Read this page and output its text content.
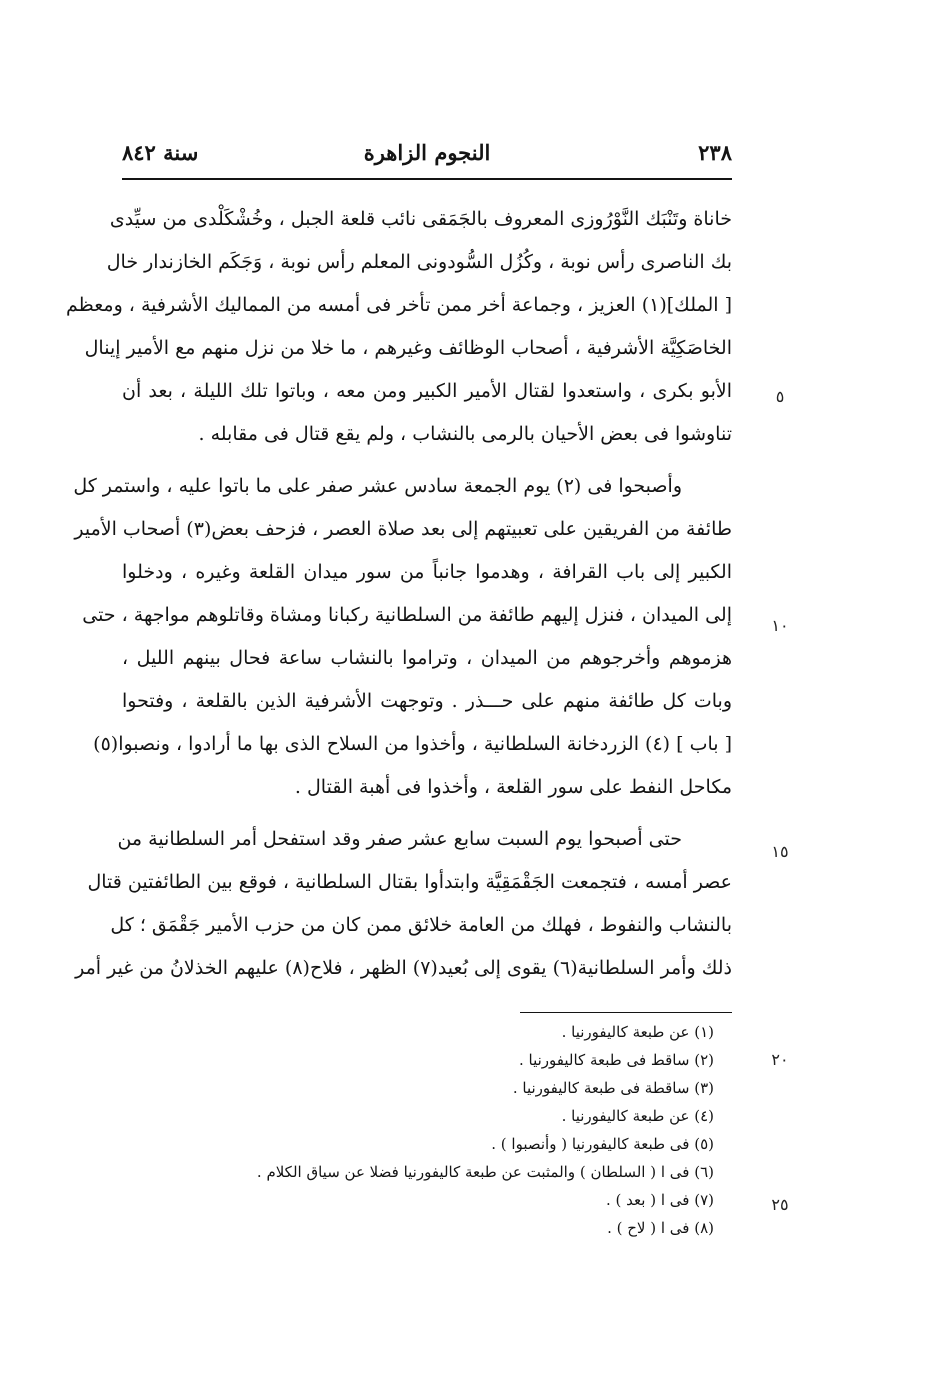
٢٣٨
النجوم الزاهرة
سنة ٨٤٢
٥
١٠
١٥
٢٠
٢٥
خاناة وتَنْبَك النَّوْرُوزى المعروف بالجَمَقى نائب قلعة الجبل ، وخُشْكَلْدى من سيِّدى
بك الناصرى رأس نوبة ، وكُزُل السُّودونى المعلم رأس نوبة ، وَجَكَم الخازندار خال
[ الملك](١) العزيز ، وجماعة أخر ممن تأخر فى أمسه من المماليك الأشرفية ، ومعظم
الخاصَكِيَّة الأشرفية ، أصحاب الوظائف وغيرهم ، ما خلا من نزل منهم مع الأمير إينال
الأبو بكرى ، واستعدوا لقتال الأمير الكبير ومن معه ، وباتوا تلك الليلة ، بعد أن
تناوشوا فى بعض الأحيان بالرمى بالنشاب ، ولم يقع قتال فى مقابله .
وأصبحوا فى (٢) يوم الجمعة سادس عشر صفر على ما باتوا عليه ، واستمر كل
طائفة من الفريقين على تعبيتهم إلى بعد صلاة العصر ، فزحف بعض(٣) أصحاب الأمير
الكبير إلى باب القرافة ، وهدموا جانباً من سور ميدان القلعة وغيره ، ودخلوا
إلى الميدان ، فنزل إليهم طائفة من السلطانية ركبانا ومشاة وقاتلوهم مواجهة ، حتى
هزموهم وأخرجوهم من الميدان ، وتراموا بالنشاب ساعة فحال بينهم الليل ،
وبات كل طائفة منهم على حـــذر . وتوجهت الأشرفية الذين بالقلعة ، وفتحوا
[ باب ] (٤) الزردخانة السلطانية ، وأخذوا من السلاح الذى بها ما أرادوا ، ونصبوا(٥)
مكاحل النفط على سور القلعة ، وأخذوا فى أهبة القتال .
حتى أصبحوا يوم السبت سابع عشر صفر وقد استفحل أمر السلطانية من
عصر أمسه ، فتجمعت الجَقْمَقِيَّة وابتدأوا بقتال السلطانية ، فوقع بين الطائفتين قتال
بالنشاب والنفوط ، فهلك من العامة خلائق ممن كان من حزب الأمير جَقْمَق ؛ كل
ذلك وأمر السلطانية(٦) يقوى إلى بُعيد(٧) الظهر ، فلاح(٨) عليهم الخذلانُ من غير أمر
(١) عن طبعة كاليفورنيا .
(٢) ساقط فى طبعة كاليفورنيا .
(٣) ساقطة فى طبعة كاليفورنيا .
(٤) عن طبعة كاليفورنيا .
(٥) فى طبعة كاليفورنيا ( وأنصبوا ) .
(٦) فى ا ( السلطان ) والمثبت عن طبعة كاليفورنيا فضلا عن سياق الكلام .
(٧) فى ا ( بعد ) .
(٨) فى ا ( لاح ) .
